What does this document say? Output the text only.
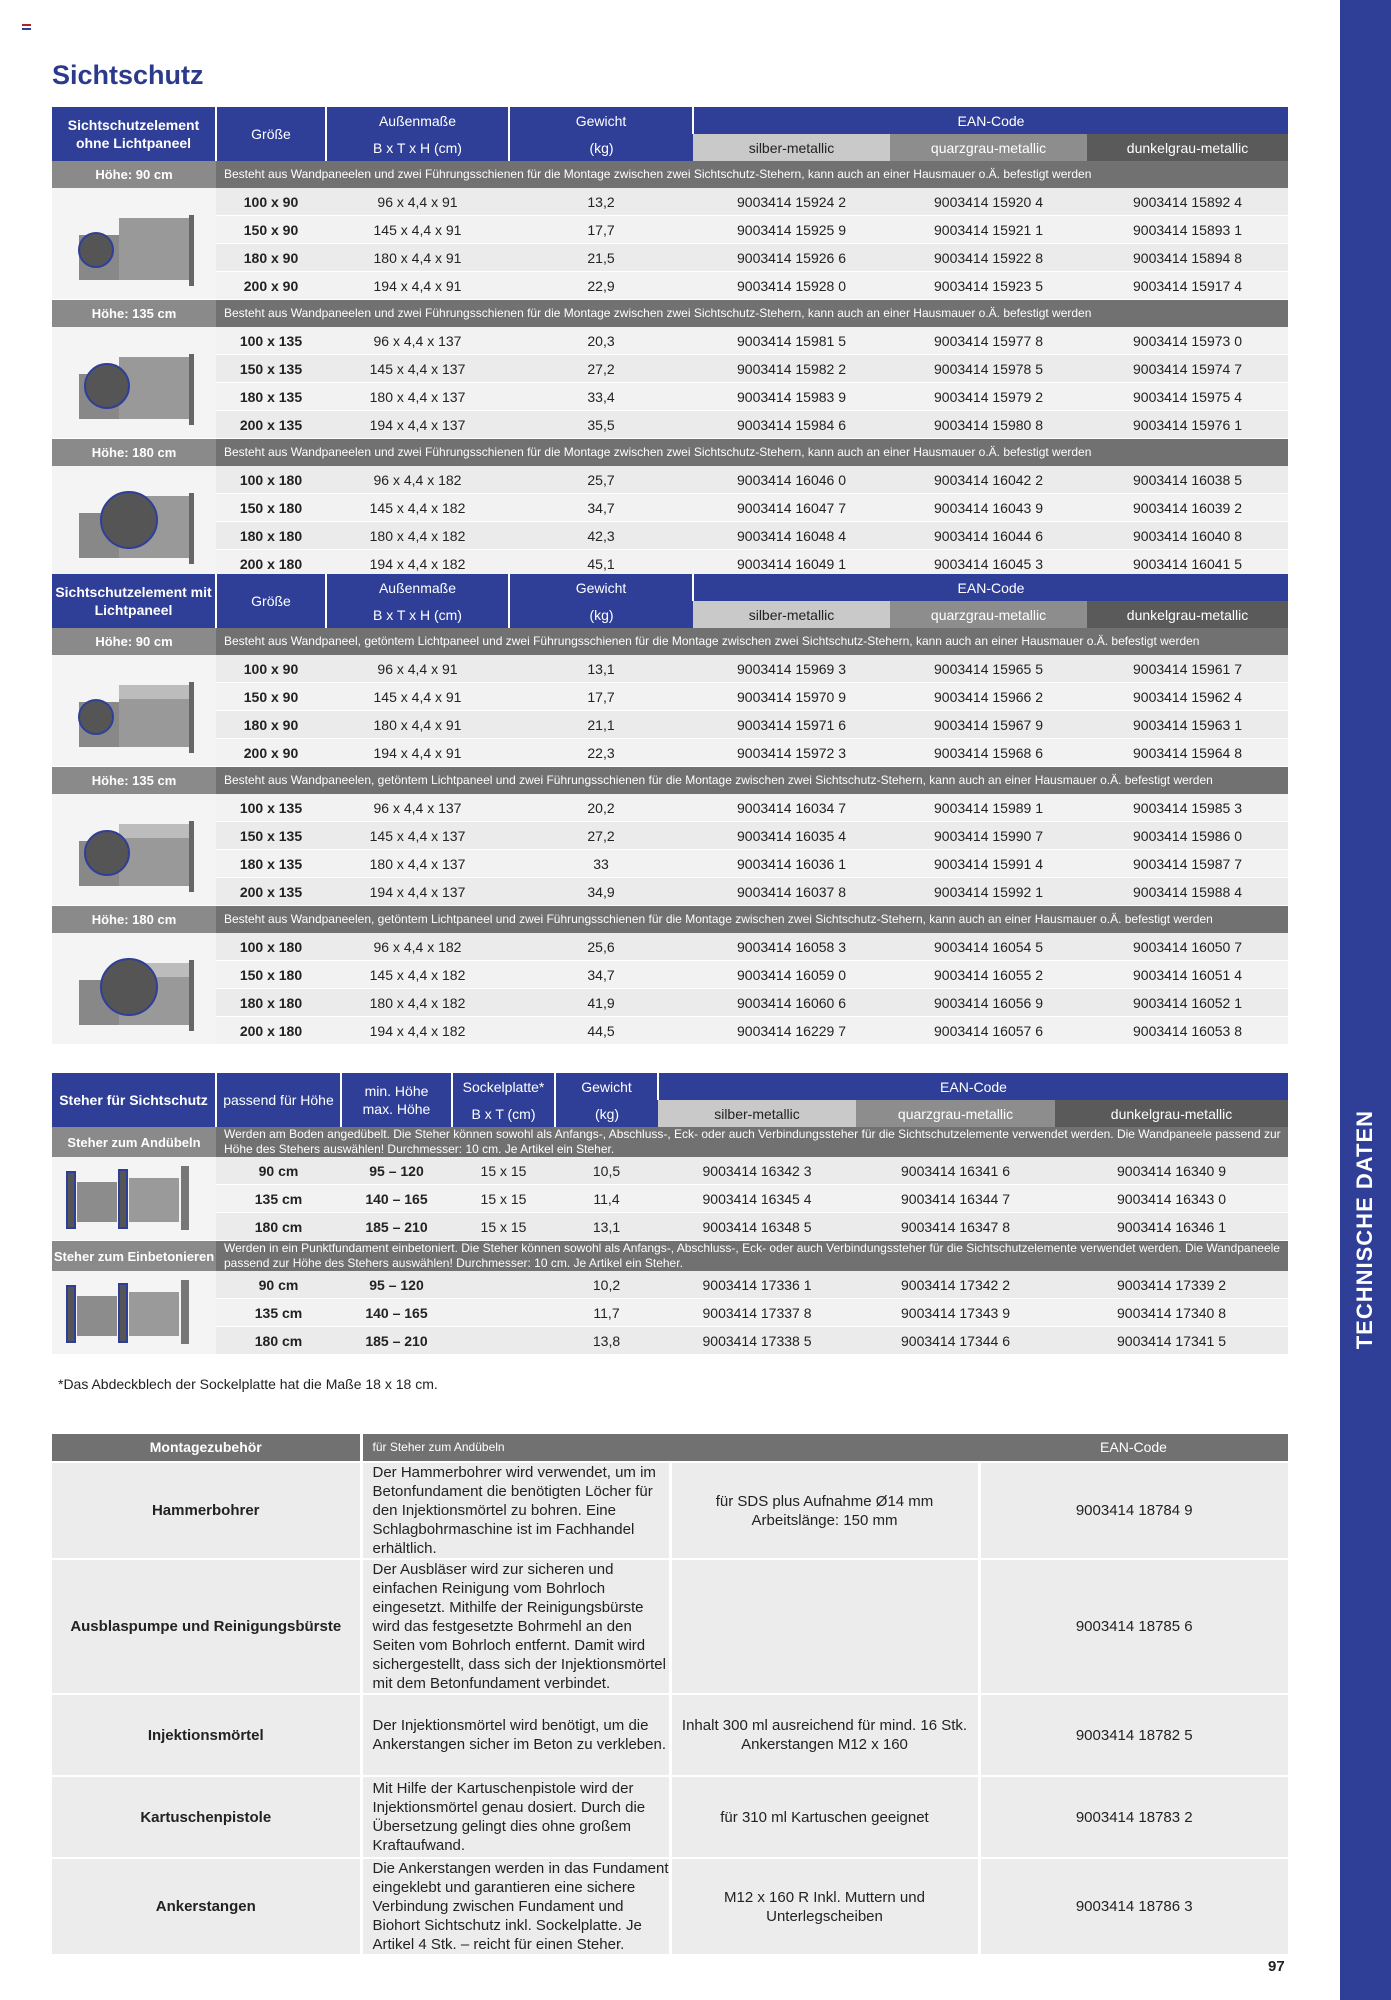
Sichtschutz
TECHNISCHE DATEN
97
Sichtschutzelement ohne Lichtpaneel	Größe	Außenmaße	Gewicht	EAN-Code		
		B x T x H (cm)	(kg)	silber-metallic	quarzgrau-metallic	dunkelgrau-metallic
Höhe: 90 cm	Besteht aus Wandpaneelen und zwei Führungsschienen für die Montage zwischen zwei Sichtschutz-Stehern, kann auch an einer Hausmauer o.Ä. befestigt werden					
	100 x 90	96 x 4,4 x 91	13,2	9003414 15924 2	9003414 15920 4	9003414 15892 4
	150 x 90	145 x 4,4 x 91	17,7	9003414 15925 9	9003414 15921 1	9003414 15893 1
	180 x 90	180 x 4,4 x 91	21,5	9003414 15926 6	9003414 15922 8	9003414 15894 8
	200 x 90	194 x 4,4 x 91	22,9	9003414 15928 0	9003414 15923 5	9003414 15917 4
Höhe: 135 cm	Besteht aus Wandpaneelen und zwei Führungsschienen für die Montage zwischen zwei Sichtschutz-Stehern, kann auch an einer Hausmauer o.Ä. befestigt werden					
	100 x 135	96 x 4,4 x 137	20,3	9003414 15981 5	9003414 15977 8	9003414 15973 0
	150 x 135	145 x 4,4 x 137	27,2	9003414 15982 2	9003414 15978 5	9003414 15974 7
	180 x 135	180 x 4,4 x 137	33,4	9003414 15983 9	9003414 15979 2	9003414 15975 4
	200 x 135	194 x 4,4 x 137	35,5	9003414 15984 6	9003414 15980 8	9003414 15976 1
Höhe: 180 cm	Besteht aus Wandpaneelen und zwei Führungsschienen für die Montage zwischen zwei Sichtschutz-Stehern, kann auch an einer Hausmauer o.Ä. befestigt werden					
	100 x 180	96 x 4,4 x 182	25,7	9003414 16046 0	9003414 16042 2	9003414 16038 5
	150 x 180	145 x 4,4 x 182	34,7	9003414 16047 7	9003414 16043 9	9003414 16039 2
	180 x 180	180 x 4,4 x 182	42,3	9003414 16048 4	9003414 16044 6	9003414 16040 8
	200 x 180	194 x 4,4 x 182	45,1	9003414 16049 1	9003414 16045 3	9003414 16041 5
Sichtschutzelement mit Lichtpaneel	Größe	Außenmaße	Gewicht	EAN-Code		
		B x T x H (cm)	(kg)	silber-metallic	quarzgrau-metallic	dunkelgrau-metallic
Höhe: 90 cm	Besteht aus Wandpaneel, getöntem Lichtpaneel und zwei Führungsschienen für die Montage zwischen zwei Sichtschutz-Stehern, kann auch an einer Hausmauer o.Ä. befestigt werden					
	100 x 90	96 x 4,4 x 91	13,1	9003414 15969 3	9003414 15965 5	9003414 15961 7
	150 x 90	145 x 4,4 x 91	17,7	9003414 15970 9	9003414 15966 2	9003414 15962 4
	180 x 90	180 x 4,4 x 91	21,1	9003414 15971 6	9003414 15967 9	9003414 15963 1
	200 x 90	194 x 4,4 x 91	22,3	9003414 15972 3	9003414 15968 6	9003414 15964 8
Höhe: 135 cm	Besteht aus Wandpaneelen, getöntem Lichtpaneel und zwei Führungsschienen für die Montage zwischen zwei Sichtschutz-Stehern, kann auch an einer Hausmauer o.Ä. befestigt werden					
	100 x 135	96 x 4,4 x 137	20,2	9003414 16034 7	9003414 15989 1	9003414 15985 3
	150 x 135	145 x 4,4 x 137	27,2	9003414 16035 4	9003414 15990 7	9003414 15986 0
	180 x 135	180 x 4,4 x 137	33	9003414 16036 1	9003414 15991 4	9003414 15987 7
	200 x 135	194 x 4,4 x 137	34,9	9003414 16037 8	9003414 15992 1	9003414 15988 4
Höhe: 180 cm	Besteht aus Wandpaneelen, getöntem Lichtpaneel und zwei Führungsschienen für die Montage zwischen zwei Sichtschutz-Stehern, kann auch an einer Hausmauer o.Ä. befestigt werden					
	100 x 180	96 x 4,4 x 182	25,6	9003414 16058 3	9003414 16054 5	9003414 16050 7
	150 x 180	145 x 4,4 x 182	34,7	9003414 16059 0	9003414 16055 2	9003414 16051 4
	180 x 180	180 x 4,4 x 182	41,9	9003414 16060 6	9003414 16056 9	9003414 16052 1
	200 x 180	194 x 4,4 x 182	44,5	9003414 16229 7	9003414 16057 6	9003414 16053 8
Steher für Sichtschutz	passend für Höhe	min. Höhe
max. Höhe	Sockelplatte*	Gewicht	EAN-Code		
			B x T (cm)	(kg)	silber-metallic	quarzgrau-metallic	dunkelgrau-metallic
Steher zum Andübeln	Werden am Boden angedübelt. Die Steher können sowohl als Anfangs-, Abschluss-, Eck- oder auch Verbindungssteher für die Sichtschutzelemente verwendet werden. Die Wandpaneele passend zur Höhe des Stehers auswählen! Durchmesser: 10 cm. Je Artikel ein Steher.						
	90 cm	95 – 120	15 x 15	10,5	9003414 16342 3	9003414 16341 6	9003414 16340 9
	135 cm	140 – 165	15 x 15	11,4	9003414 16345 4	9003414 16344 7	9003414 16343 0
	180 cm	185 – 210	15 x 15	13,1	9003414 16348 5	9003414 16347 8	9003414 16346 1
Steher zum Einbetonieren	Werden in ein Punktfundament einbetoniert. Die Steher können sowohl als Anfangs-, Abschluss-, Eck- oder auch Verbindungssteher für die Sichtschutzelemente verwendet werden. Die Wandpaneele passend zur Höhe des Stehers auswählen! Durchmesser: 10 cm. Je Artikel ein Steher.						
	90 cm	95 – 120		10,2	9003414 17336 1	9003414 17342 2	9003414 17339 2
	135 cm	140 – 165		11,7	9003414 17337 8	9003414 17343 9	9003414 17340 8
	180 cm	185 – 210		13,8	9003414 17338 5	9003414 17344 6	9003414 17341 5
*Das Abdeckblech der Sockelplatte hat die Maße 18 x 18 cm.
Montagezubehör	für Steher zum Andübeln		EAN-Code
Hammerbohrer	Der Hammerbohrer wird verwendet, um im Betonfundament die benötigten Löcher für den Injektionsmörtel zu bohren. Eine Schlagbohrmaschine ist im Fachhandel erhältlich.	für SDS plus Aufnahme Ø14 mm Arbeitslänge: 150 mm	9003414 18784 9
Ausblaspumpe und Reinigungsbürste	Der Ausbläser wird zur sicheren und einfachen Reinigung vom Bohrloch eingesetzt. Mithilfe der Reinigungsbürste wird das festgesetzte Bohrmehl an den Seiten vom Bohrloch entfernt. Damit wird sichergestellt, dass sich der Injektionsmörtel mit dem Betonfundament verbindet.		9003414 18785 6
Injektionsmörtel	Der Injektionsmörtel wird benötigt, um die Ankerstangen sicher im Beton zu verkleben.	Inhalt 300 ml ausreichend für mind. 16 Stk. Ankerstangen M12 x 160	9003414 18782 5
Kartuschenpistole	Mit Hilfe der Kartuschenpistole wird der Injektionsmörtel genau dosiert. Durch die Übersetzung gelingt dies ohne großem Kraftaufwand.	für 310 ml Kartuschen geeignet	9003414 18783 2
Ankerstangen	Die Ankerstangen werden in das Fundament eingeklebt und garantieren eine sichere Verbindung zwischen Fundament und Biohort Sichtschutz inkl. Sockelplatte. Je Artikel 4 Stk. – reicht für einen Steher.	M12 x 160 R Inkl. Muttern und Unterlegscheiben	9003414 18786 3
